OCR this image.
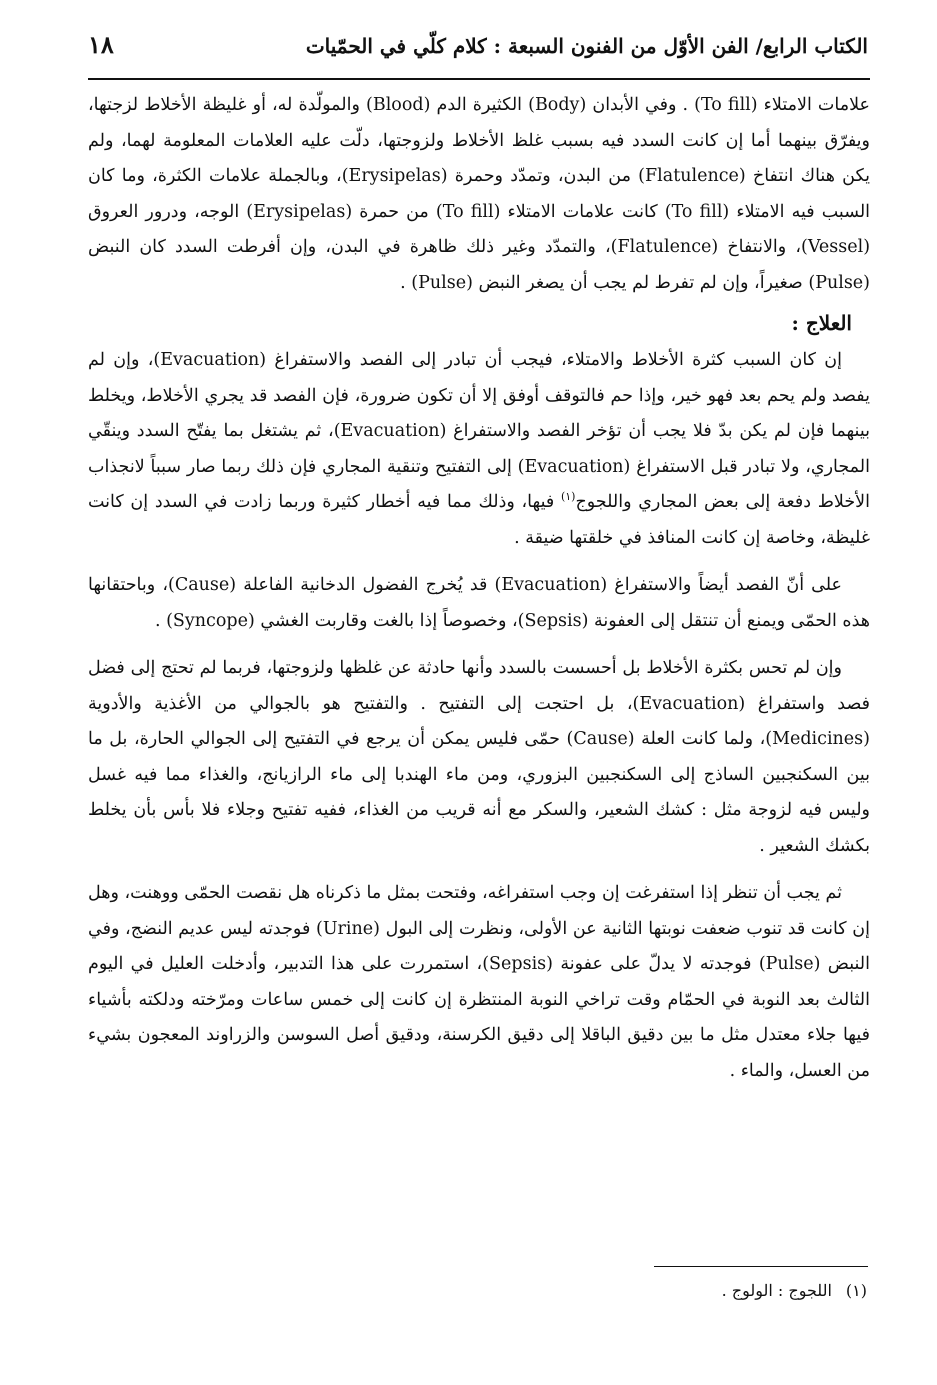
الكتاب الرابع/ الفن الأوّل من الفنون السبعة : كلام كلّي في الحمّيات
١٨

علامات الامتلاء (To fill) . وفي الأبدان (Body) الكثيرة الدم (Blood) والمولّدة له، أو غليظة الأخلاط لزجتها، ويفرّق بينهما أما إن كانت السدد فيه بسبب غلظ الأخلاط ولزوجتها، دلّت عليه العلامات المعلومة لهما، ولم يكن هناك انتفاخ (Flatulence) من البدن، وتمدّد وحمرة (Erysipelas)، وبالجملة علامات الكثرة، وما كان السبب فيه الامتلاء (To fill) كانت علامات الامتلاء (To fill) من حمرة (Erysipelas) الوجه، ودرور العروق (Vessel)، والانتفاخ (Flatulence)، والتمدّد وغير ذلك ظاهرة في البدن، وإن أفرطت السدد كان النبض (Pulse) صغيراً، وإن لم تفرط لم يجب أن يصغر النبض (Pulse) .

العلاج :

إن كان السبب كثرة الأخلاط والامتلاء، فيجب أن تبادر إلى الفصد والاستفراغ (Evacuation)، وإن لم يفصد ولم يحم بعد فهو خير، وإذا حم فالتوقف أوفق إلا أن تكون ضرورة، فإن الفصد قد يجري الأخلاط، ويخلط بينهما فإن لم يكن بدّ فلا يجب أن تؤخر الفصد والاستفراغ (Evacuation)، ثم يشتغل بما يفتّح السدد وينقّي المجاري، ولا تبادر قبل الاستفراغ (Evacuation) إلى التفتيح وتنقية المجاري فإن ذلك ربما صار سبباً لانجذاب الأخلاط دفعة إلى بعض المجاري واللجوج$^{(١)}$ فيها، وذلك مما فيه أخطار كثيرة وربما زادت في السدد إن كانت غليظة، وخاصة إن كانت المنافذ في خلقتها ضيقة .

على أنّ الفصد أيضاً والاستفراغ (Evacuation) قد يُخرج الفضول الدخانية الفاعلة (Cause)، وباحتقانها هذه الحمّى ويمنع أن تنتقل إلى العفونة (Sepsis)، وخصوصاً إذا بالغت وقاربت الغشي (Syncope) .

وإن لم تحس بكثرة الأخلاط بل أحسست بالسدد وأنها حادثة عن غلظها ولزوجتها، فربما لم تحتج إلى فضل فصد واستفراغ (Evacuation)، بل احتجت إلى التفتيح . والتفتيح هو بالجوالي من الأغذية والأدوية (Medicines)، ولما كانت العلة (Cause) حمّى فليس يمكن أن يرجع في التفتيح إلى الجوالي الحارة، بل ما بين السكنجبين الساذج إلى السكنجبين البزوري، ومن ماء الهندبا إلى ماء الرازيانج، والغذاء مما فيه غسل وليس فيه لزوجة مثل : كشك الشعير، والسكر مع أنه قريب من الغذاء، ففيه تفتيح وجلاء فلا بأس بأن يخلط بكشك الشعير .

ثم يجب أن تنظر إذا استفرغت إن وجب استفراغه، وفتحت بمثل ما ذكرناه هل نقصت الحمّى ووهنت، وهل إن كانت قد تنوب ضعفت نوبتها الثانية عن الأولى، ونظرت إلى البول (Urine) فوجدته ليس عديم النضج، وفي النبض (Pulse) فوجدته لا يدلّ على عفونة (Sepsis)، استمررت على هذا التدبير، وأدخلت العليل في اليوم الثالث بعد النوبة في الحمّام وقت تراخي النوبة المنتظرة إن كانت إلى خمس ساعات ومرّخته ودلكته بأشياء فيها جلاء معتدل مثل ما بين دقيق الباقلا إلى دقيق الكرسنة، ودقيق أصل السوسن والزراوند المعجون بشيء من العسل، والماء .

(١)اللجوج : الولوج .
